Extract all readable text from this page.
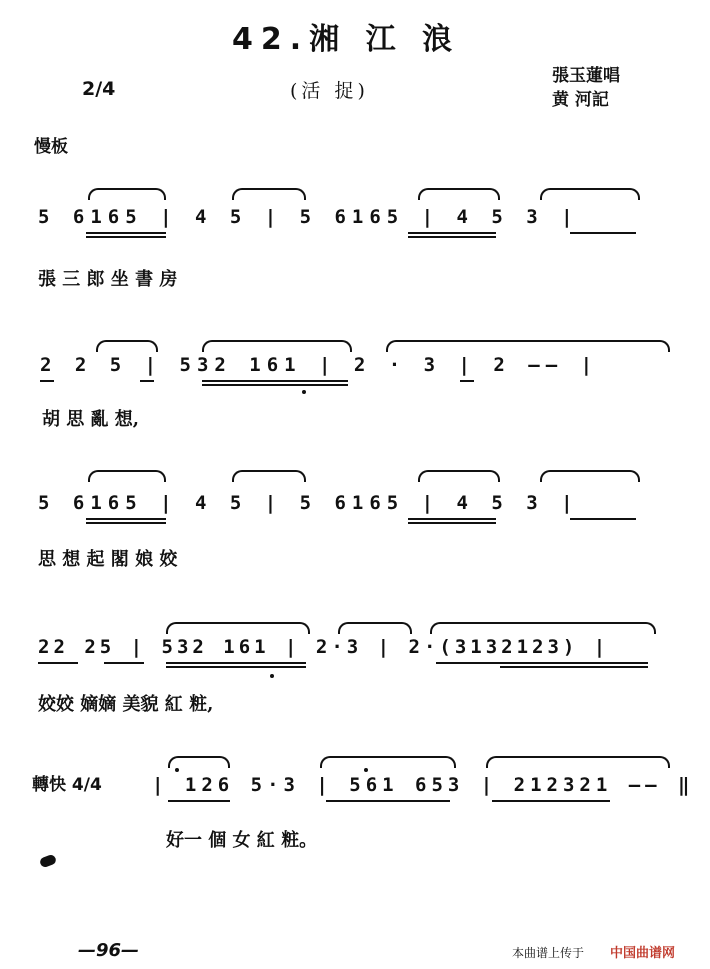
42.湘 江 浪
2/4	(活 捉)
張玉蓮唱
黄 河記
慢板
5 6165 | 4 5 | 5 6165 | 4 5 3 |
張 三 郎 坐 書 房
2 2 5 | 532 161 | 2 · 3 | 2 —— |
胡 思 亂 想,
5 6165 | 4 5 | 5 6165 | 4 5 3 |
思 想 起 閣 娘 姣
22 25 | 532 161 | 2·3 | 2·(3132123) |
姣姣 嫡嫡 美貌 紅 粧,
轉快 4/4	| 126 5·3 | 561 653 | 212321 —— ‖
好一 個 女 紅 粧。
—96—	本曲谱上传于 中国曲谱网
